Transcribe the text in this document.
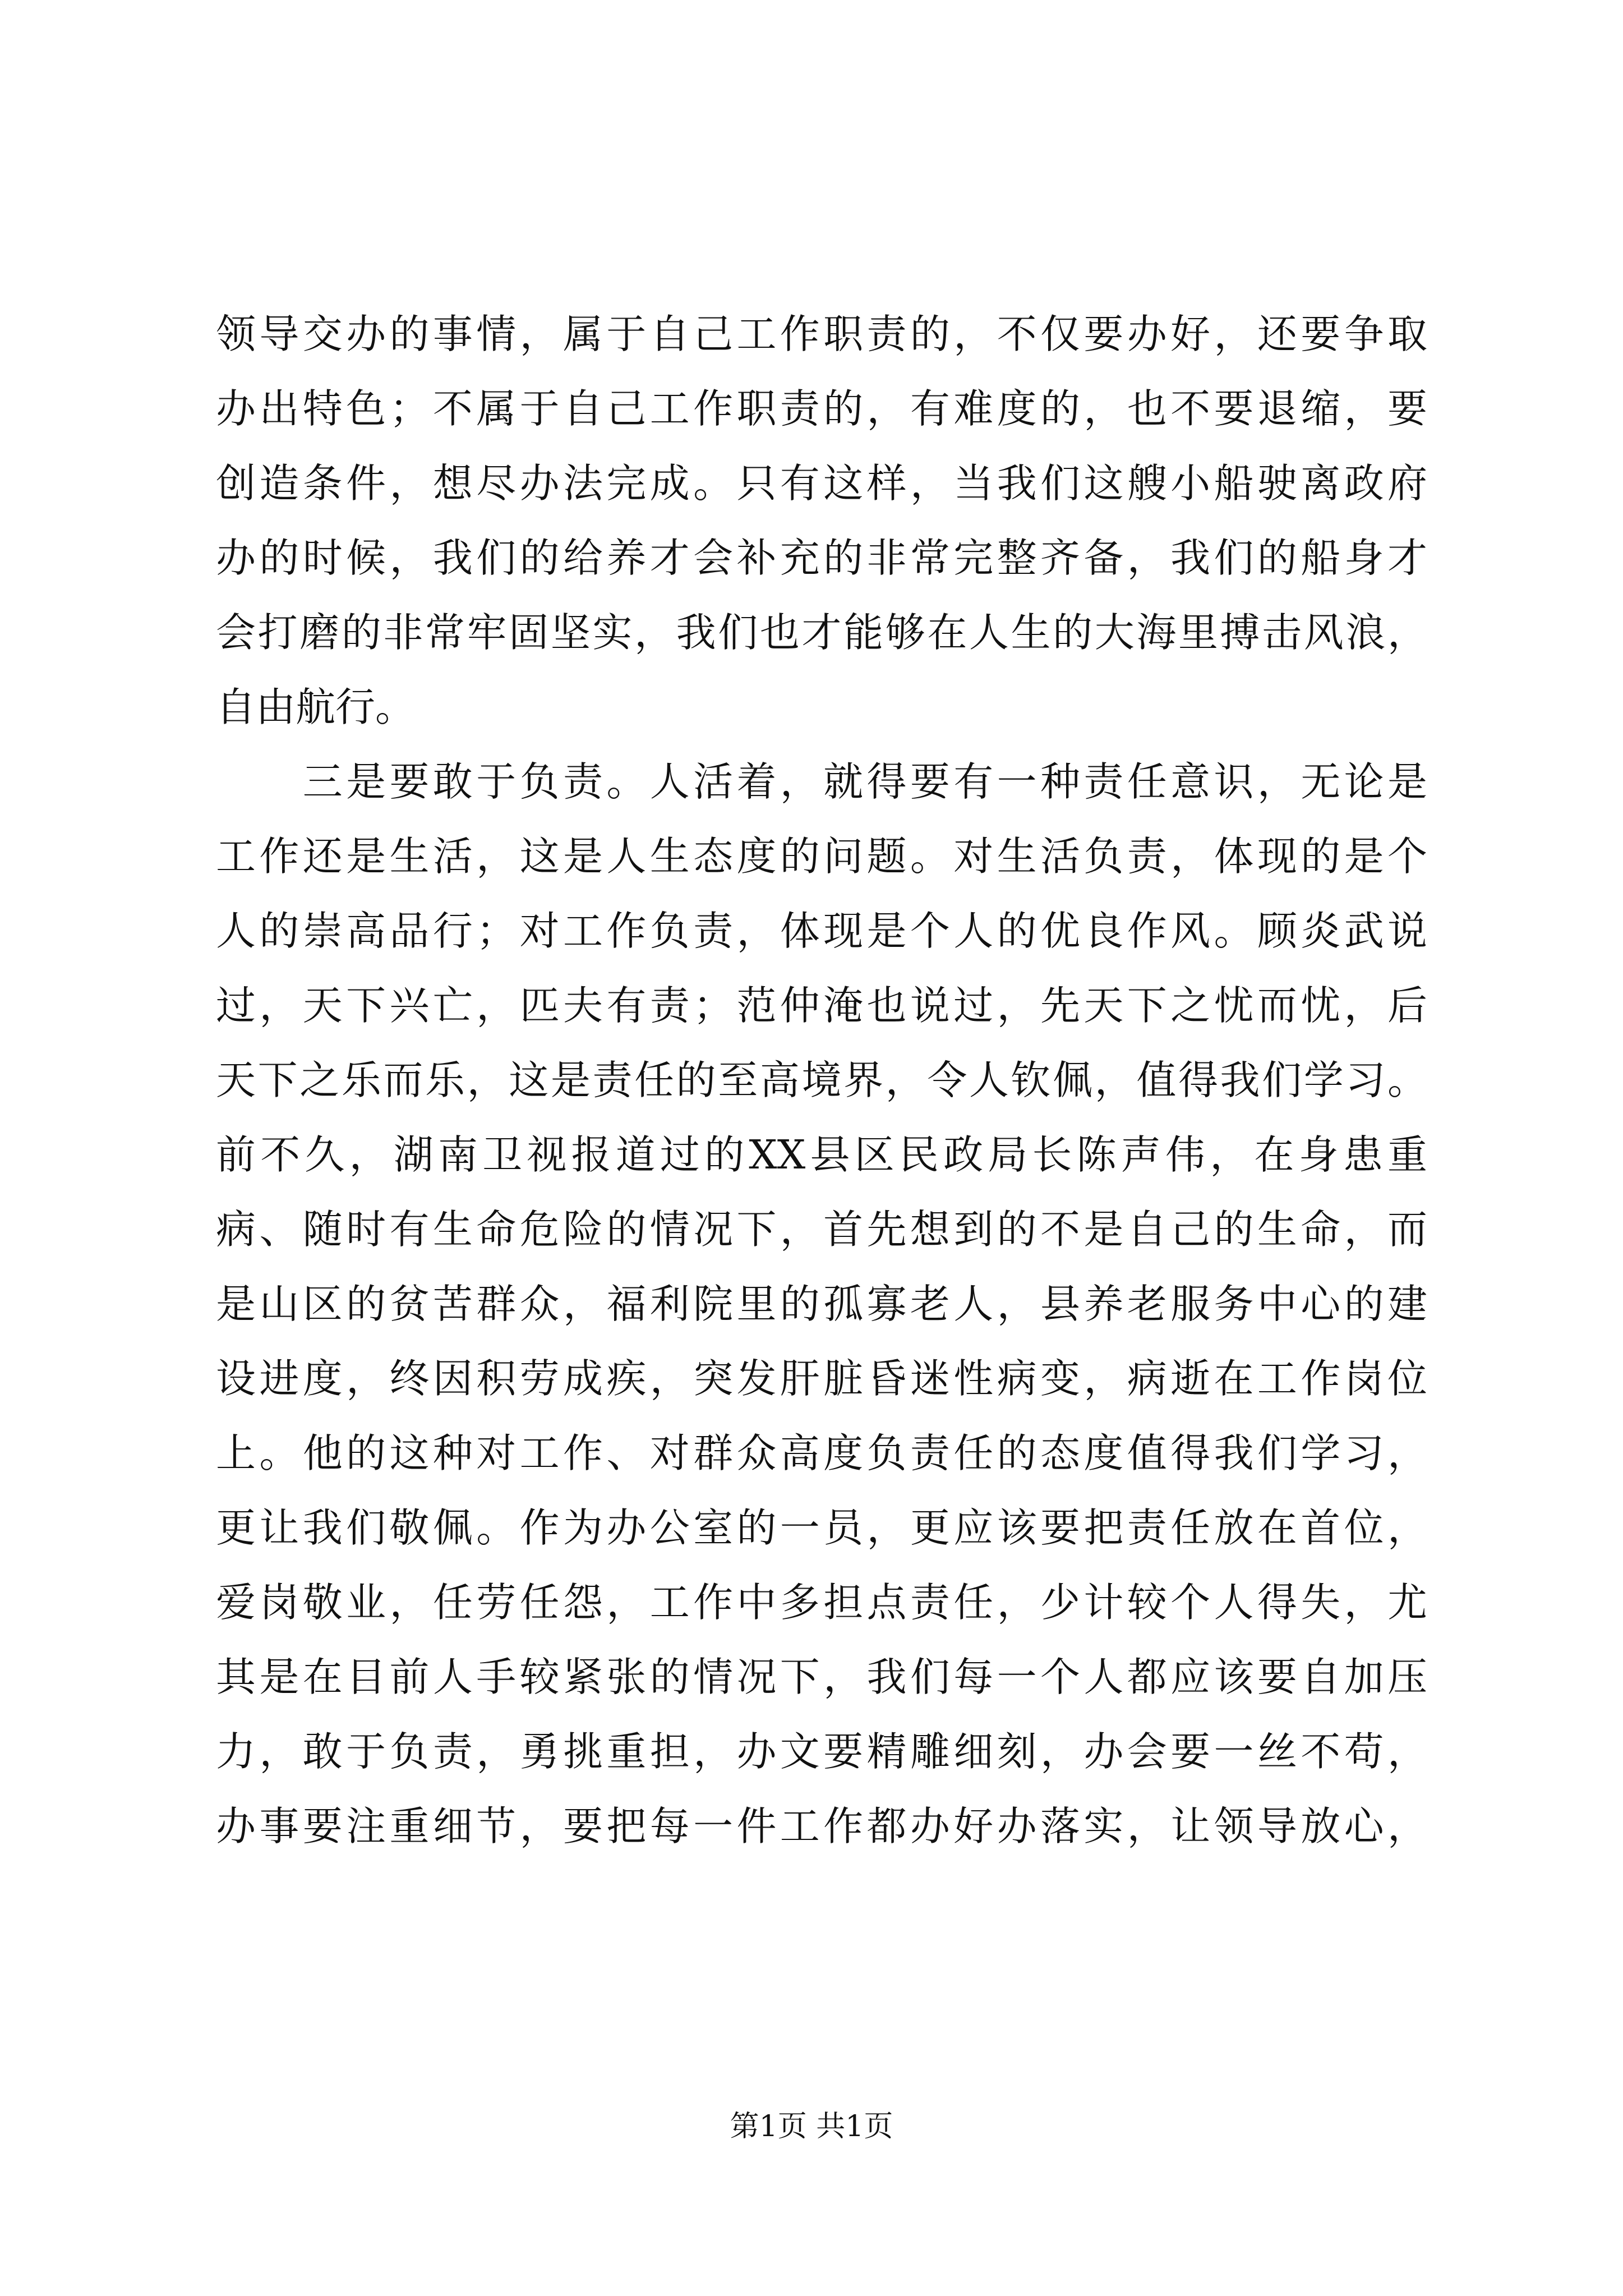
领导交办的事情，属于自己工作职责的，不仅要办好，还要争取
办出特色；不属于自己工作职责的，有难度的，也不要退缩，要
创造条件，想尽办法完成。只有这样，当我们这艘小船驶离政府
办的时候，我们的给养才会补充的非常完整齐备，我们的船身才
会打磨的非常牢固坚实，我们也才能够在人生的大海里搏击风浪，
自由航行。
　　三是要敢于负责。人活着，就得要有一种责任意识，无论是
工作还是生活，这是人生态度的问题。对生活负责，体现的是个
人的崇高品行；对工作负责，体现是个人的优良作风。顾炎武说
过，天下兴亡，匹夫有责；范仲淹也说过，先天下之忧而忧，后
天下之乐而乐，这是责任的至高境界，令人钦佩，值得我们学习。
前不久，湖南卫视报道过的XX县区民政局长陈声伟，在身患重
病、随时有生命危险的情况下，首先想到的不是自己的生命，而
是山区的贫苦群众，福利院里的孤寡老人，县养老服务中心的建
设进度，终因积劳成疾，突发肝脏昏迷性病变，病逝在工作岗位
上。他的这种对工作、对群众高度负责任的态度值得我们学习，
更让我们敬佩。作为办公室的一员，更应该要把责任放在首位，
爱岗敬业，任劳任怨，工作中多担点责任，少计较个人得失，尤
其是在目前人手较紧张的情况下，我们每一个人都应该要自加压
力，敢于负责，勇挑重担，办文要精雕细刻，办会要一丝不苟，
办事要注重细节，要把每一件工作都办好办落实，让领导放心，
第1页 共1页
